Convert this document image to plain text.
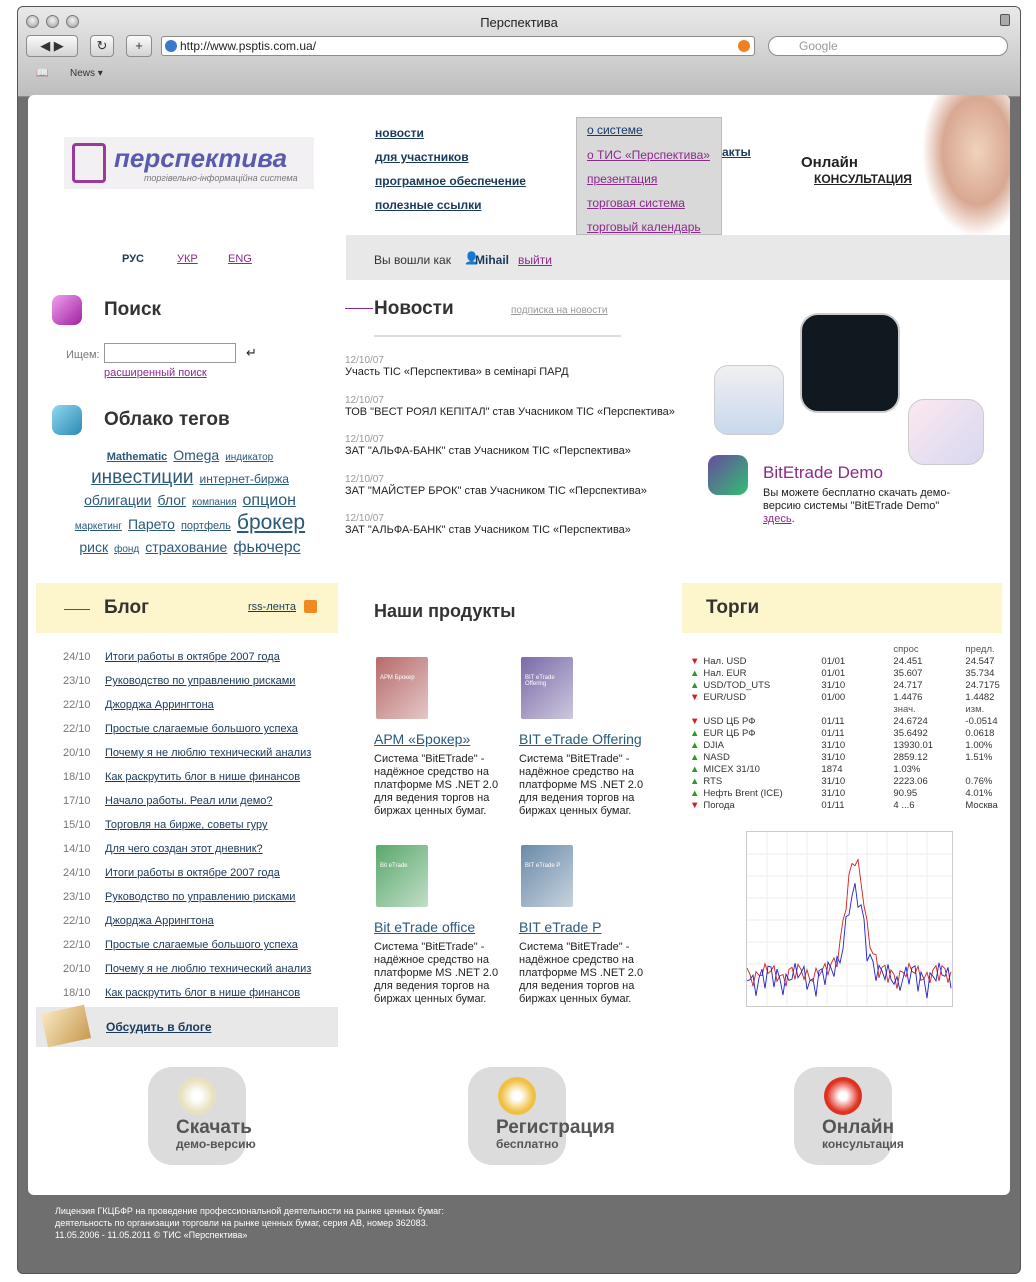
Перспектива
◀ ▶	↻	+	http://www.psptis.com.ua/	Google
📖 News ▾
перспектива
торгівельно-інформаційна система
новости
для участников
програмное обеспечение
полезные ссылки
акты
о системе
о ТИС «Перспектива»
презентация
торговая система
торговый календарь
Онлайн
КОНСУЛЬТАЦИЯ
РУС	УКР	ENG	Вы вошли как 👤
Mihail выйти
Поиск
Ищем:	↵
расширенный поиск
Облако тегов
Mathematic Omega индикатор
инвестиции интернет-биржа
облигации блог компания опцион
маркетинг Парето портфель брокер
риск фонд страхование фьючерс
Новости	подписка на новости
12/10/07
Участь ТІС «Перспектива» в семінарі ПАРД
12/10/07
ТОВ "ВЕСТ РОЯЛ КЕПІТАЛ" став Учасником ТІС «Перспектива»
12/10/07
ЗАТ "АЛЬФА-БАНК" став Учасником ТІС «Перспектива»
12/10/07
ЗАТ "МАЙСТЕР БРОК" став Учасником ТІС «Перспектива»
12/10/07
ЗАТ "АЛЬФА-БАНК" став Учасником ТІС «Перспектива»
BitEtrade Demo
Вы можете бесплатно скачать демо-версию системы "BitETrade Demo" здесь.
Блог	rss-лента
24/10 Итоги работы в октябре 2007 года
23/10 Руководство по управлению рисками
22/10 Джорджа Аррингтона
22/10 Простые слагаемые большого успеха
20/10 Почему я не люблю технический анализ
18/10 Как раскрутить блог в нише финансов
17/10 Начало работы. Реал или демо?
15/10 Торговля на бирже, советы гуру
14/10 Для чего создан этот дневник?
24/10 Итоги работы в октябре 2007 года
23/10 Руководство по управлению рисками
22/10 Джорджа Аррингтона
22/10 Простые слагаемые большого успеха
20/10 Почему я не люблю технический анализ
18/10 Как раскрутить блог в нише финансов
Обсудить в блоге
Наши продукты
АРМ Брокер
АРМ «Брокер»
Система "BitETrade" - надёжное средство на платформе MS .NET 2.0 для ведения торгов на биржах ценных бумаг.
BIT eTrade Offering
BIT eTrade Offering
Система "BitETrade" - надёжное средство на платформе MS .NET 2.0 для ведения торгов на биржах ценных бумаг.
Bit eTrade
Bit eTrade office
Система "BitETrade" - надёжное средство на платформе MS .NET 2.0 для ведения торгов на биржах ценных бумаг.
BIT eTrade P
BIT eTrade P
Система "BitETrade" - надёжное средство на платформе MS .NET 2.0 для ведения торгов на биржах ценных бумаг.
Торги
			спрос	предл.
▼	Нал. USD	01/01	24.451	24.547
▲	Нал. EUR	01/01	35.607	35.734
▲	USD/TOD_UTS	31/10	24.717	24.7175
▼	EUR/USD	01/00	1.4476	1.4482
			знач.	изм.
▼	USD ЦБ РФ	01/11	24.6724	-0.0514
▲	EUR ЦБ РФ	01/11	35.6492	0.0618
▲	DJIA	31/10	13930.01	1.00%
▲	NASD	31/10	2859.12	1.51%
▲	MICEX 31/10	1874	1.03%	
▲	RTS	31/10	2223.06	0.76%
▲	Нефть Brent (ICE)	31/10	90.95	4.01%
▼	Погода	01/11	4 ...6	Москва
Скачать
демо-версию
Регистрация
бесплатно
Онлайн
консультация
Лицензия ГКЦБФР на проведение профессиональной деятельности на рынке ценных бумаг:
деятельность по организации торговли на рынке ценных бумаг, серия АВ, номер 362083.
11.05.2006 - 11.05.2011 © ТИС «Перспектива»
